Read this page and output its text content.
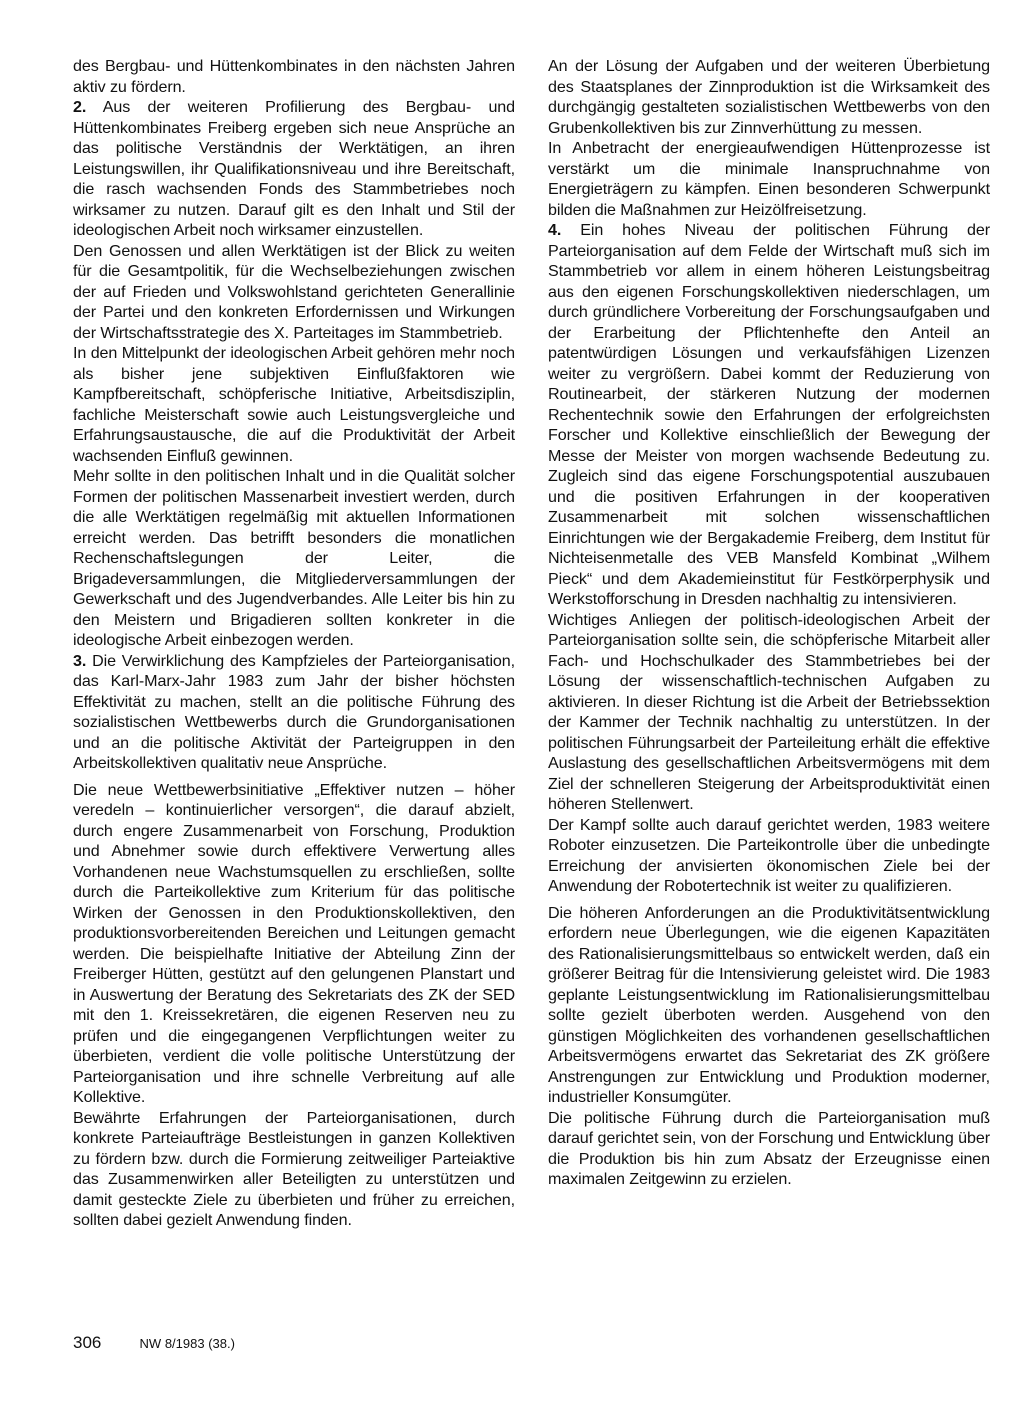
des Bergbau- und Hüttenkombinates in den nächsten Jahren aktiv zu fördern.

2. Aus der weiteren Profilierung des Bergbau- und Hüttenkombinates Freiberg ergeben sich neue Ansprüche an das politische Verständnis der Werktätigen, an ihren Leistungswillen, ihr Qualifikationsniveau und ihre Bereitschaft, die rasch wachsenden Fonds des Stammbetriebes noch wirksamer zu nutzen. Darauf gilt es den Inhalt und Stil der ideologischen Arbeit noch wirksamer einzustellen.

Den Genossen und allen Werktätigen ist der Blick zu weiten für die Gesamtpolitik, für die Wechselbeziehungen zwischen der auf Frieden und Volkswohlstand gerichteten Generallinie der Partei und den konkreten Erfordernissen und Wirkungen der Wirtschaftsstrategie des X. Parteitages im Stammbetrieb.

In den Mittelpunkt der ideologischen Arbeit gehören mehr noch als bisher jene subjektiven Einflußfaktoren wie Kampfbereitschaft, schöpferische Initiative, Arbeitsdisziplin, fachliche Meisterschaft sowie auch Leistungsvergleiche und Erfahrungsaustausche, die auf die Produktivität der Arbeit wachsenden Einfluß gewinnen.

Mehr sollte in den politischen Inhalt und in die Qualität solcher Formen der politischen Massenarbeit investiert werden, durch die alle Werktätigen regelmäßig mit aktuellen Informationen erreicht werden. Das betrifft besonders die monatlichen Rechenschaftslegungen der Leiter, die Brigadeversammlungen, die Mitgliederversammlungen der Gewerkschaft und des Jugendverbandes. Alle Leiter bis hin zu den Meistern und Brigadieren sollten konkreter in die ideologische Arbeit einbezogen werden.

3. Die Verwirklichung des Kampfzieles der Parteiorganisation, das Karl-Marx-Jahr 1983 zum Jahr der bisher höchsten Effektivität zu machen, stellt an die politische Führung des sozialistischen Wettbewerbs durch die Grundorganisationen und an die politische Aktivität der Parteigruppen in den Arbeitskollektiven qualitativ neue Ansprüche.

Die neue Wettbewerbsinitiative „Effektiver nutzen – höher veredeln – kontinuierlicher versorgen“, die darauf abzielt, durch engere Zusammenarbeit von Forschung, Produktion und Abnehmer sowie durch effektivere Verwertung alles Vorhandenen neue Wachstumsquellen zu erschließen, sollte durch die Parteikollektive zum Kriterium für das politische Wirken der Genossen in den Produktionskollektiven, den produktionsvorbereitenden Bereichen und Leitungen gemacht werden. Die beispielhafte Initiative der Abteilung Zinn der Freiberger Hütten, gestützt auf den gelungenen Planstart und in Auswertung der Beratung des Sekretariats des ZK der SED mit den 1. Kreissekretären, die eigenen Reserven neu zu prüfen und die eingegangenen Verpflichtungen weiter zu überbieten, verdient die volle politische Unterstützung der Parteiorganisation und ihre schnelle Verbreitung auf alle Kollektive.

Bewährte Erfahrungen der Parteiorganisationen, durch konkrete Parteiaufträge Bestleistungen in ganzen Kollektiven zu fördern bzw. durch die Formierung zeitweiliger Parteiaktive das Zusammenwirken aller Beteiligten zu unterstützen und damit gesteckte Ziele zu überbieten und früher zu erreichen, sollten dabei gezielt Anwendung finden.

An der Lösung der Aufgaben und der weiteren Überbietung des Staatsplanes der Zinnproduktion ist die Wirksamkeit des durchgängig gestalteten sozialistischen Wettbewerbs von den Grubenkollektiven bis zur Zinnverhüttung zu messen.

In Anbetracht der energieaufwendigen Hüttenprozesse ist verstärkt um die minimale Inanspruchnahme von Energieträgern zu kämpfen. Einen besonderen Schwerpunkt bilden die Maßnahmen zur Heizölfreisetzung.

4. Ein hohes Niveau der politischen Führung der Parteiorganisation auf dem Felde der Wirtschaft muß sich im Stammbetrieb vor allem in einem höheren Leistungsbeitrag aus den eigenen Forschungskollektiven niederschlagen, um durch gründlichere Vorbereitung der Forschungsaufgaben und der Erarbeitung der Pflichtenhefte den Anteil an patentwürdigen Lösungen und verkaufsfähigen Lizenzen weiter zu vergrößern. Dabei kommt der Reduzierung von Routinearbeit, der stärkeren Nutzung der modernen Rechentechnik sowie den Erfahrungen der erfolgreichsten Forscher und Kollektive einschließlich der Bewegung der Messe der Meister von morgen wachsende Bedeutung zu. Zugleich sind das eigene Forschungspotential auszubauen und die positiven Erfahrungen in der kooperativen Zusammenarbeit mit solchen wissenschaftlichen Einrichtungen wie der Bergakademie Freiberg, dem Institut für Nichteisenmetalle des VEB Mansfeld Kombinat „Wilhem Pieck“ und dem Akademieinstitut für Festkörperphysik und Werkstofforschung in Dresden nachhaltig zu intensivieren.

Wichtiges Anliegen der politisch-ideologischen Arbeit der Parteiorganisation sollte sein, die schöpferische Mitarbeit aller Fach- und Hochschulkader des Stammbetriebes bei der Lösung der wissenschaftlich-technischen Aufgaben zu aktivieren. In dieser Richtung ist die Arbeit der Betriebssektion der Kammer der Technik nachhaltig zu unterstützen. In der politischen Führungsarbeit der Parteileitung erhält die effektive Auslastung des gesellschaftlichen Arbeitsvermögens mit dem Ziel der schnelleren Steigerung der Arbeitsproduktivität einen höheren Stellenwert.

Der Kampf sollte auch darauf gerichtet werden, 1983 weitere Roboter einzusetzen. Die Parteikontrolle über die unbedingte Erreichung der anvisierten ökonomischen Ziele bei der Anwendung der Robotertechnik ist weiter zu qualifizieren.

Die höheren Anforderungen an die Produktivitätsentwicklung erfordern neue Überlegungen, wie die eigenen Kapazitäten des Rationalisierungsmittelbaus so entwickelt werden, daß ein größerer Beitrag für die Intensivierung geleistet wird. Die 1983 geplante Leistungsentwicklung im Rationalisierungsmittelbau sollte gezielt überboten werden. Ausgehend von den günstigen Möglichkeiten des vorhandenen gesellschaftlichen Arbeitsvermögens erwartet das Sekretariat des ZK größere Anstrengungen zur Entwicklung und Produktion moderner, industrieller Konsumgüter.

Die politische Führung durch die Parteiorganisation muß darauf gerichtet sein, von der Forschung und Entwicklung über die Produktion bis hin zum Absatz der Erzeugnisse einen maximalen Zeitgewinn zu erzielen.

306	NW 8/1983 (38.)
